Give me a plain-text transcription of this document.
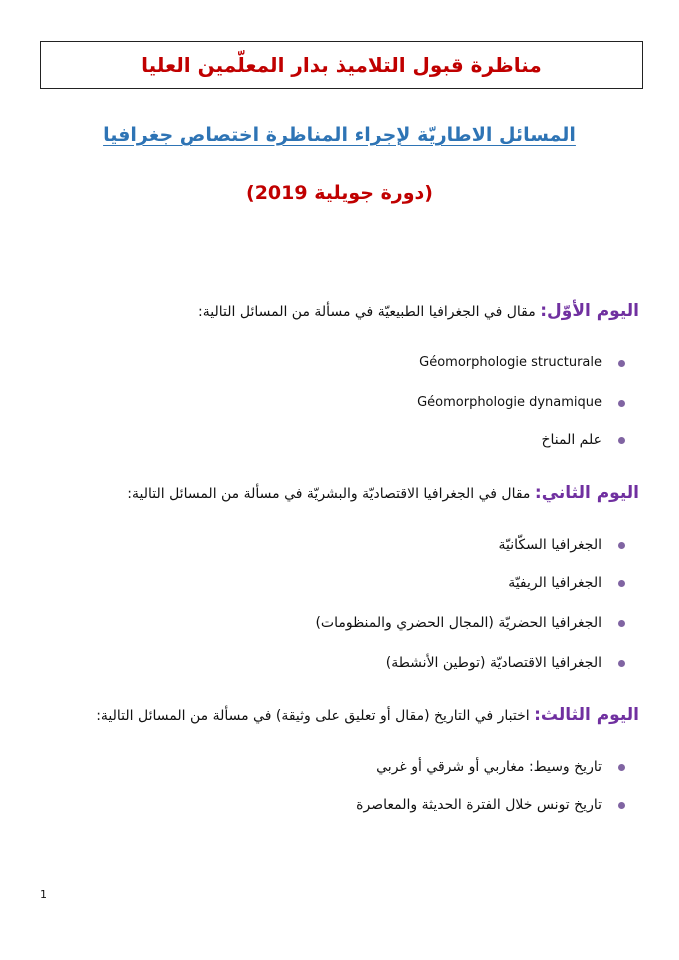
مناظرة قبول التلاميذ بدار المعلّمين العليا
المسائل الاطاريّة لإجراء المناظرة اختصاص جغرافيا
(دورة جويلية 2019)
اليوم الأوّل: مقال في الجغرافيا الطبيعيّة في مسألة من المسائل التالية:
Géomorphologie structurale
Géomorphologie dynamique
علم المناخ
اليوم الثاني: مقال في الجغرافيا الاقتصاديّة والبشريّة في مسألة من المسائل التالية:
الجغرافيا السكّانيّة
الجغرافيا الريفيّة
الجغرافيا الحضريّة (المجال الحضري والمنظومات)
الجغرافيا الاقتصاديّة (توطين الأنشطة)
اليوم الثالث: اختبار في التاريخ (مقال أو تعليق على وثيقة) في مسألة من المسائل التالية:
تاريخ وسيط: مغاربي أو شرقي أو غربي
تاريخ تونس خلال الفترة الحديثة والمعاصرة
1
